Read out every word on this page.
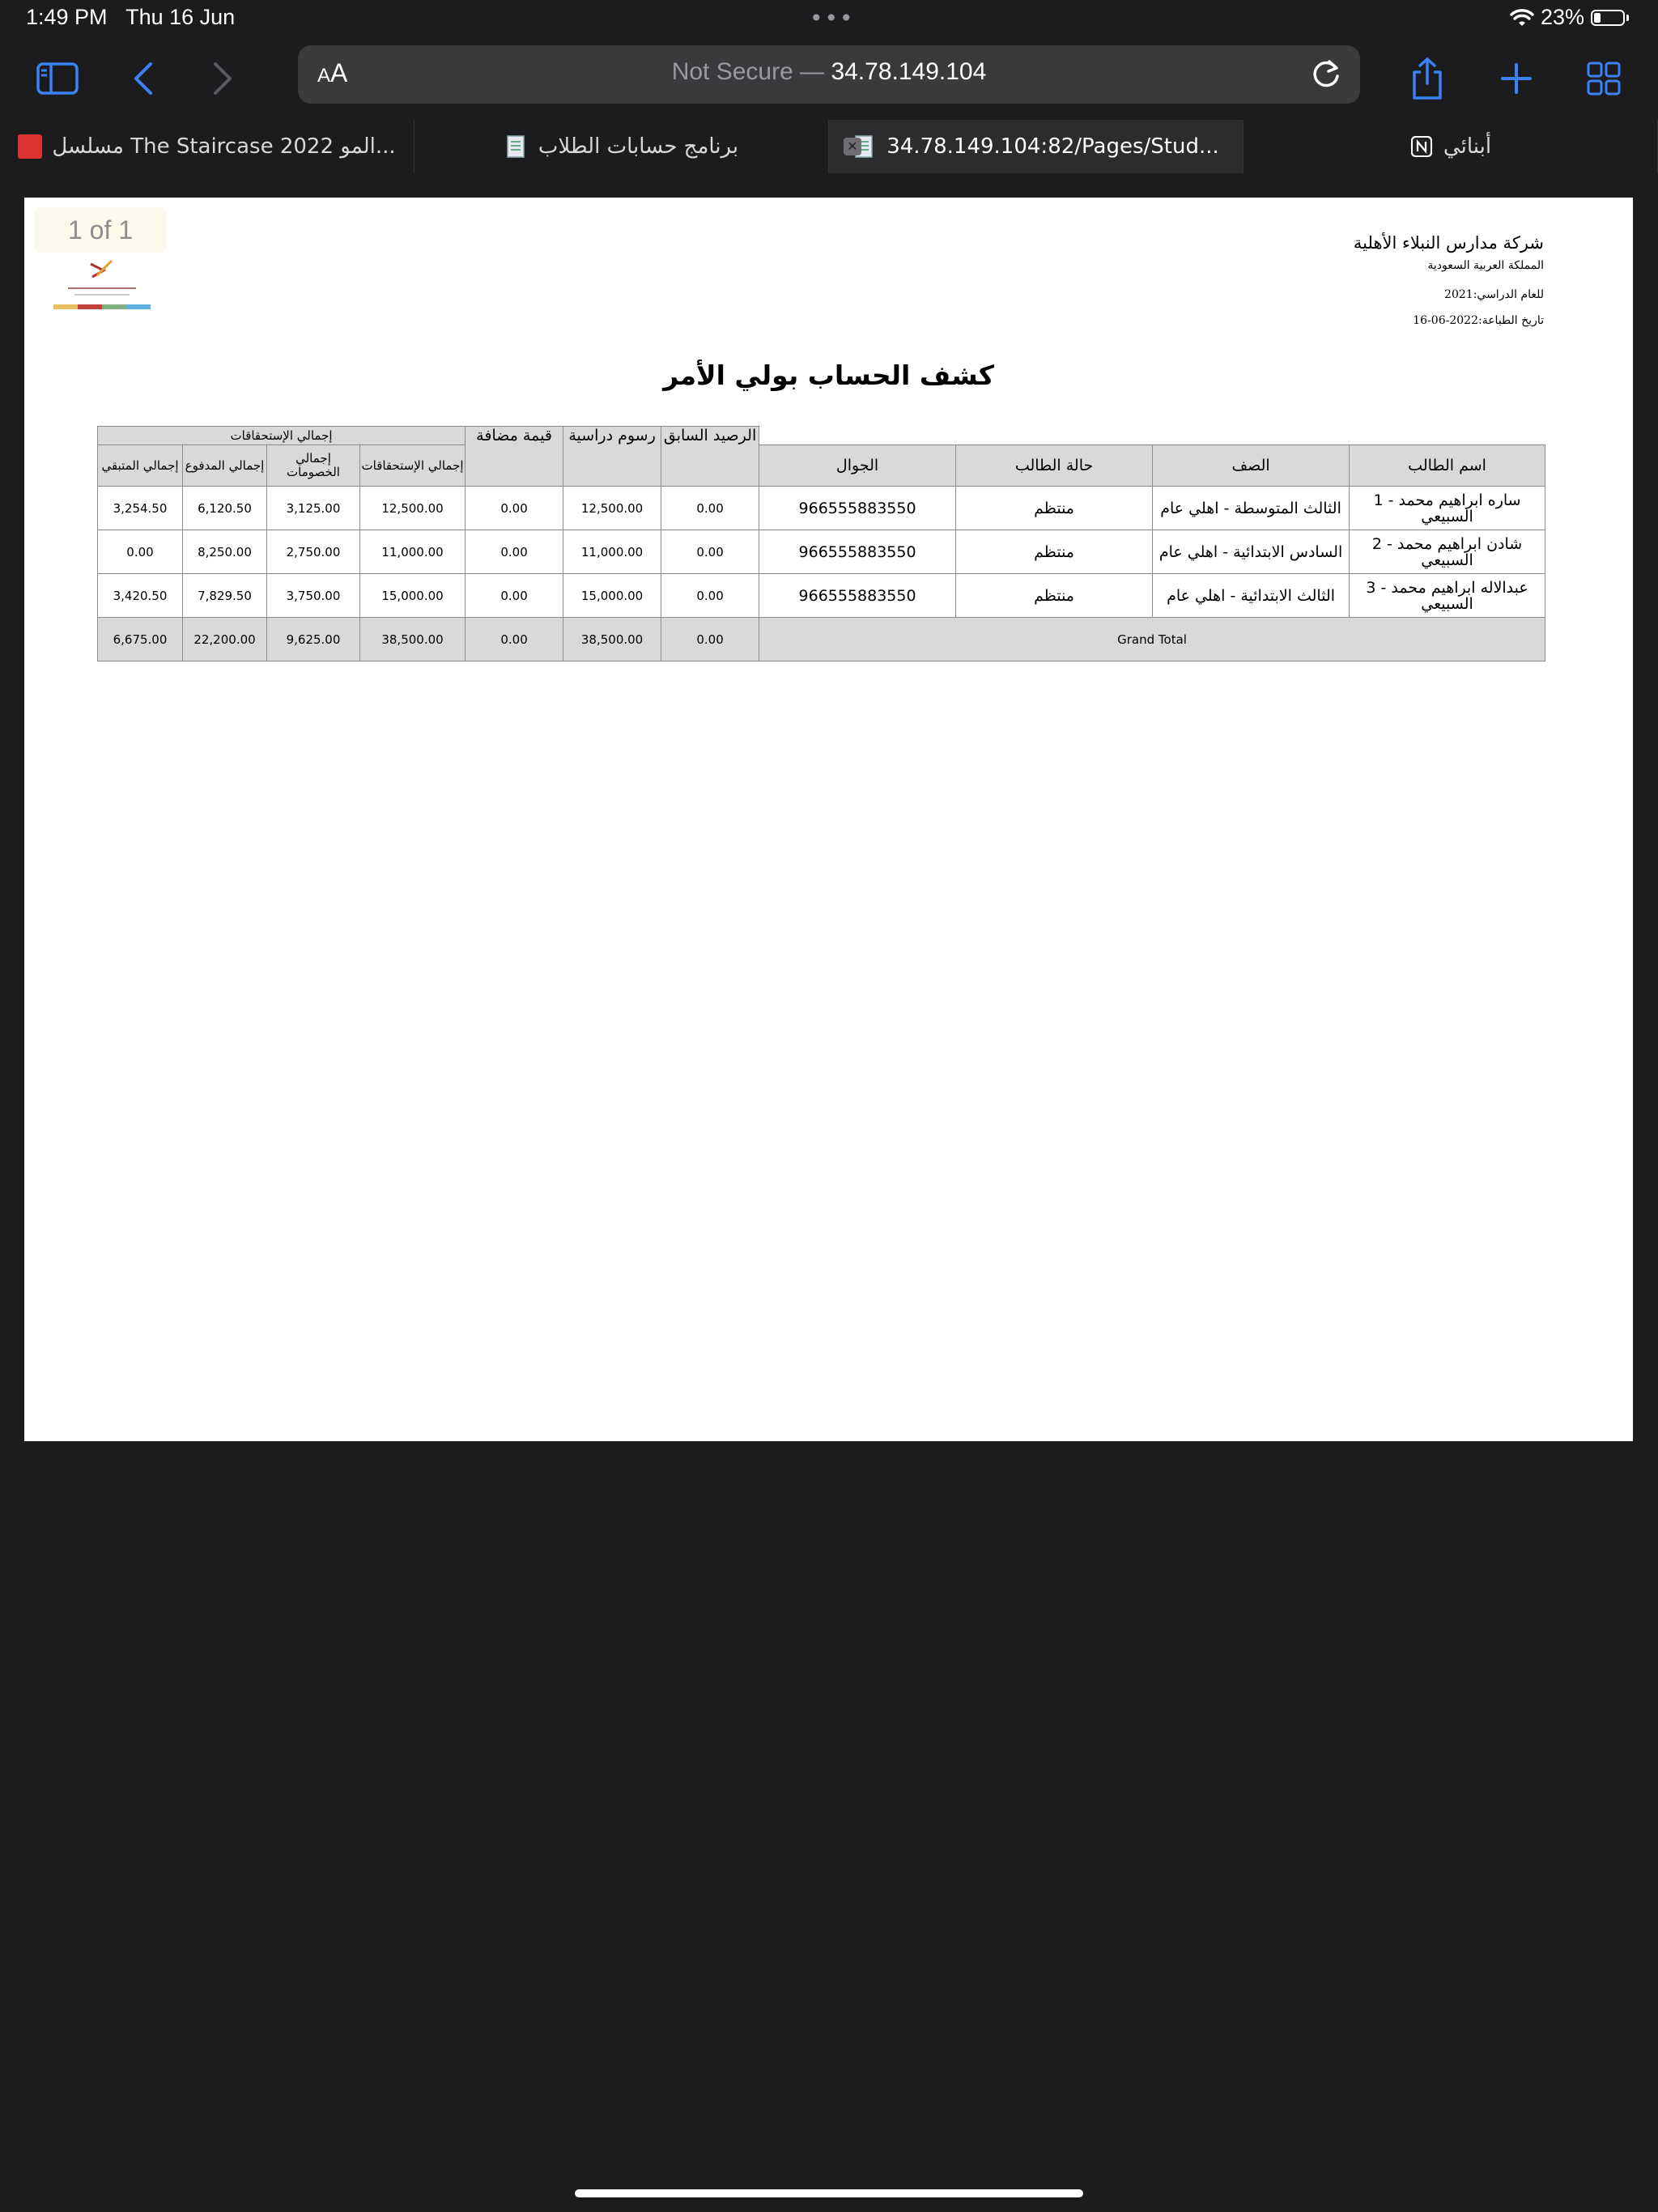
1:49 PM Thu 16 Jun	•••	23%
AA	Not Secure — 34.78.149.104
مسلسل The Staircase 2022 المو...	برنامج حسابات الطلاب	✕ 34.78.149.104:82/Pages/Stud...	أبنائي
1 of 1	شركة مدارس النبلاء الأهلية
المملكة العربية السعودية
للعام الدراسي:2021
تاريخ الطباعة:2022-06-16
كشف الحساب بولي الأمر
إجمالي الإستحقاقات				قيمة مضافة	رسوم دراسية	الرصيد السابق				
إجمالي المتبقي	إجمالي المدفوع	إجمالي الخصومات	إجمالي الإستحقاقات							
							الجوال	حالة الطالب	الصف	اسم الطالب
3,254.50	6,120.50	3,125.00	12,500.00	0.00	12,500.00	0.00	966555883550	منتظم	الثالث المتوسطة - اهلي عام	ساره ابراهيم محمد - 1 السبيعي
0.00	8,250.00	2,750.00	11,000.00	0.00	11,000.00	0.00	966555883550	منتظم	السادس الابتدائية - اهلي عام	شادن ابراهيم محمد - 2 السبيعي
3,420.50	7,829.50	3,750.00	15,000.00	0.00	15,000.00	0.00	966555883550	منتظم	الثالث الابتدائية - اهلي عام	عبدالاله ابراهيم محمد - 3 السبيعي
6,675.00	22,200.00	9,625.00	38,500.00	0.00	38,500.00	0.00	Grand Total			
